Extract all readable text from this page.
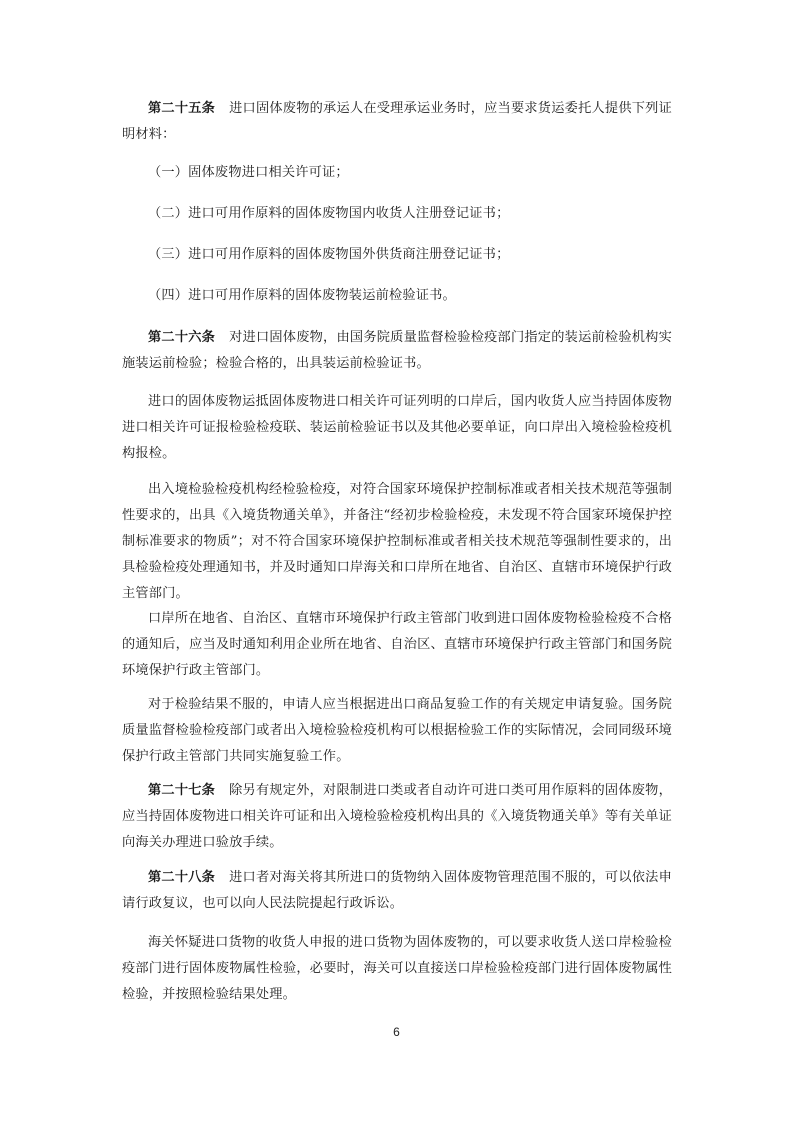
第二十五条 进口固体废物的承运人在受理承运业务时，应当要求货运委托人提供下列证明材料：

（一）固体废物进口相关许可证；

（二）进口可用作原料的固体废物国内收货人注册登记证书；

（三）进口可用作原料的固体废物国外供货商注册登记证书；

（四）进口可用作原料的固体废物装运前检验证书。

第二十六条 对进口固体废物，由国务院质量监督检验检疫部门指定的装运前检验机构实施装运前检验；检验合格的，出具装运前检验证书。

进口的固体废物运抵固体废物进口相关许可证列明的口岸后，国内收货人应当持固体废物进口相关许可证报检验检疫联、装运前检验证书以及其他必要单证，向口岸出入境检验检疫机构报检。

出入境检验检疫机构经检验检疫，对符合国家环境保护控制标准或者相关技术规范等强制性要求的，出具《入境货物通关单》，并备注“经初步检验检疫，未发现不符合国家环境保护控制标准要求的物质”；对不符合国家环境保护控制标准或者相关技术规范等强制性要求的，出具检验检疫处理通知书，并及时通知口岸海关和口岸所在地省、自治区、直辖市环境保护行政主管部门。

口岸所在地省、自治区、直辖市环境保护行政主管部门收到进口固体废物检验检疫不合格的通知后，应当及时通知利用企业所在地省、自治区、直辖市环境保护行政主管部门和国务院环境保护行政主管部门。

对于检验结果不服的，申请人应当根据进出口商品复验工作的有关规定申请复验。国务院质量监督检验检疫部门或者出入境检验检疫机构可以根据检验工作的实际情况，会同同级环境保护行政主管部门共同实施复验工作。

第二十七条 除另有规定外，对限制进口类或者自动许可进口类可用作原料的固体废物，应当持固体废物进口相关许可证和出入境检验检疫机构出具的《入境货物通关单》等有关单证向海关办理进口验放手续。

第二十八条 进口者对海关将其所进口的货物纳入固体废物管理范围不服的，可以依法申请行政复议，也可以向人民法院提起行政诉讼。

海关怀疑进口货物的收货人申报的进口货物为固体废物的，可以要求收货人送口岸检验检疫部门进行固体废物属性检验，必要时，海关可以直接送口岸检验检疫部门进行固体废物属性检验，并按照检验结果处理。

6
